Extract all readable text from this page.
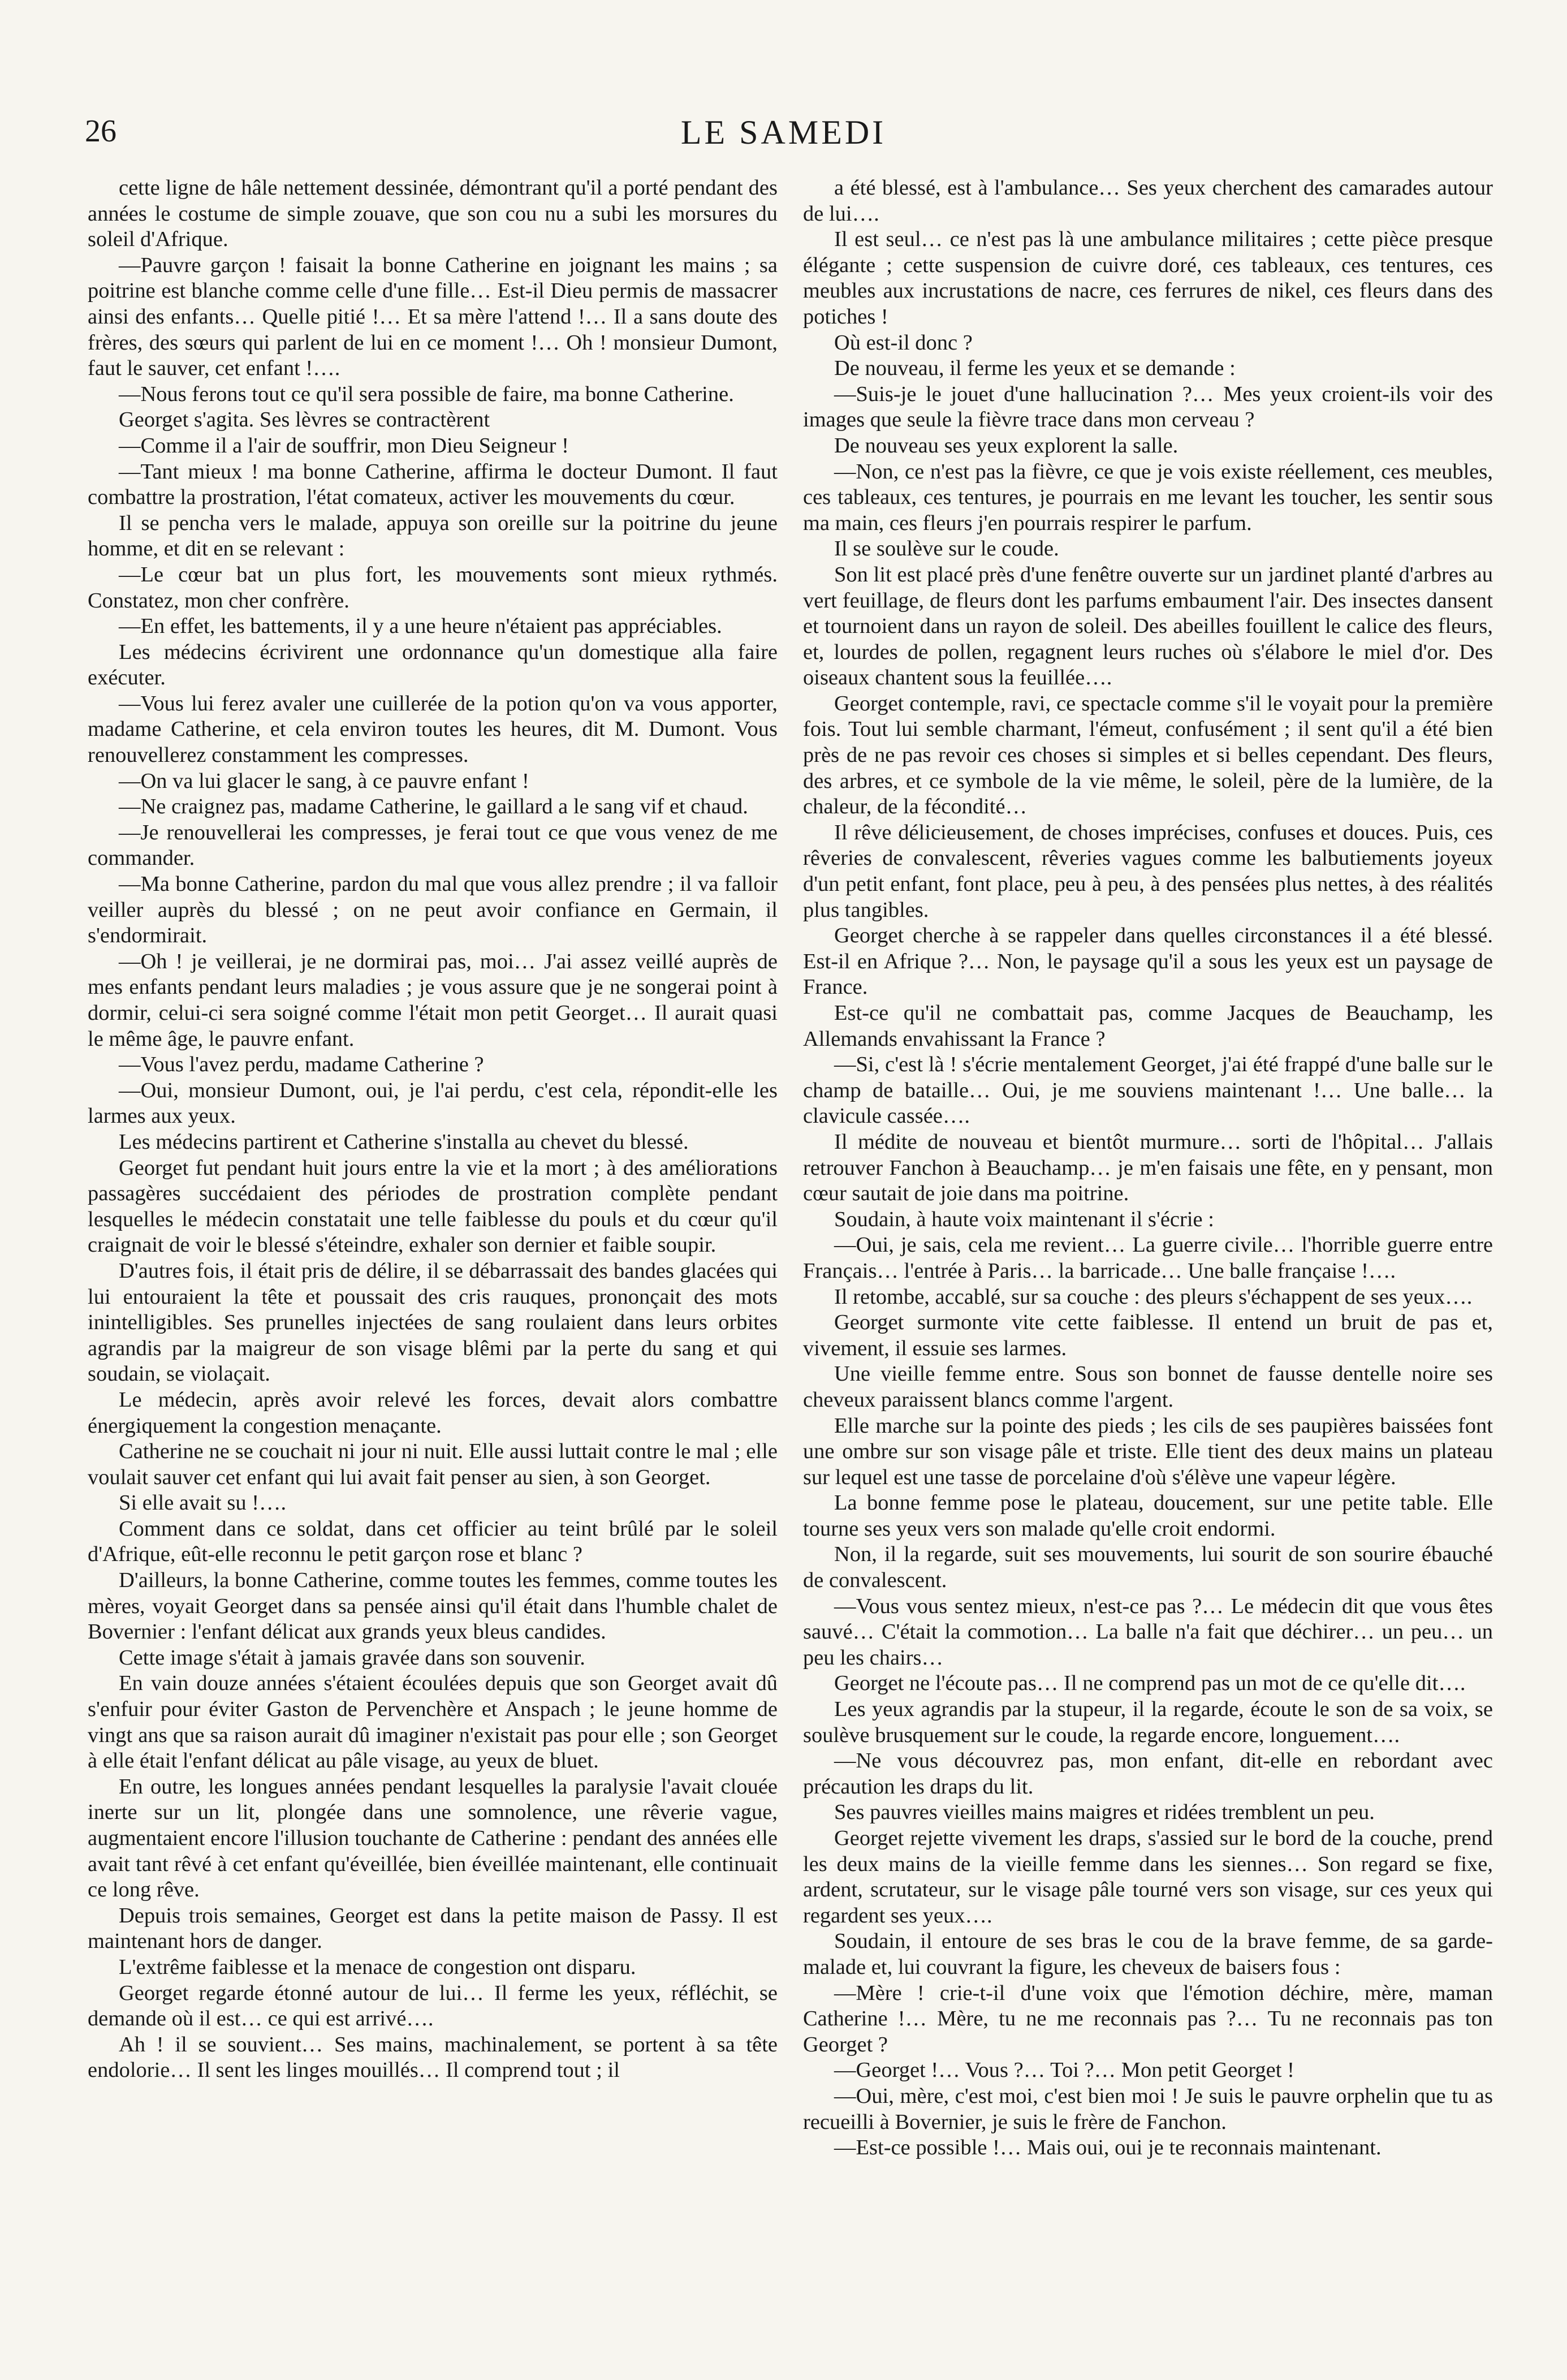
26	LE SAMEDI

cette ligne de hâle nettement dessinée, démontrant qu'il a porté pendant des années le costume de simple zouave, que son cou nu a subi les morsures du soleil d'Afrique.

—Pauvre garçon ! faisait la bonne Catherine en joignant les mains ; sa poitrine est blanche comme celle d'une fille… Est-il Dieu permis de massacrer ainsi des enfants… Quelle pitié !… Et sa mère l'attend !… Il a sans doute des frères, des sœurs qui parlent de lui en ce moment !… Oh ! monsieur Dumont, faut le sauver, cet enfant !….

—Nous ferons tout ce qu'il sera possible de faire, ma bonne Catherine.

Georget s'agita. Ses lèvres se contractèrent

—Comme il a l'air de souffrir, mon Dieu Seigneur !

—Tant mieux ! ma bonne Catherine, affirma le docteur Dumont. Il faut combattre la prostration, l'état comateux, activer les mouvements du cœur.

Il se pencha vers le malade, appuya son oreille sur la poitrine du jeune homme, et dit en se relevant :

—Le cœur bat un plus fort, les mouvements sont mieux rythmés. Constatez, mon cher confrère.

—En effet, les battements, il y a une heure n'étaient pas appréciables.

Les médecins écrivirent une ordonnance qu'un domestique alla faire exécuter.

—Vous lui ferez avaler une cuillerée de la potion qu'on va vous apporter, madame Catherine, et cela environ toutes les heures, dit M. Dumont. Vous renouvellerez constamment les compresses.

—On va lui glacer le sang, à ce pauvre enfant !

—Ne craignez pas, madame Catherine, le gaillard a le sang vif et chaud.

—Je renouvellerai les compresses, je ferai tout ce que vous venez de me commander.

—Ma bonne Catherine, pardon du mal que vous allez prendre ; il va falloir veiller auprès du blessé ; on ne peut avoir confiance en Germain, il s'endormirait.

—Oh ! je veillerai, je ne dormirai pas, moi… J'ai assez veillé auprès de mes enfants pendant leurs maladies ; je vous assure que je ne songerai point à dormir, celui-ci sera soigné comme l'était mon petit Georget… Il aurait quasi le même âge, le pauvre enfant.

—Vous l'avez perdu, madame Catherine ?

—Oui, monsieur Dumont, oui, je l'ai perdu, c'est cela, répondit-elle les larmes aux yeux.

Les médecins partirent et Catherine s'installa au chevet du blessé.

Georget fut pendant huit jours entre la vie et la mort ; à des améliorations passagères succédaient des périodes de prostration complète pendant lesquelles le médecin constatait une telle faiblesse du pouls et du cœur qu'il craignait de voir le blessé s'éteindre, exhaler son dernier et faible soupir.

D'autres fois, il était pris de délire, il se débarrassait des bandes glacées qui lui entouraient la tête et poussait des cris rauques, prononçait des mots inintelligibles. Ses prunelles injectées de sang roulaient dans leurs orbites agrandis par la maigreur de son visage blêmi par la perte du sang et qui soudain, se violaçait.

Le médecin, après avoir relevé les forces, devait alors combattre énergiquement la congestion menaçante.

Catherine ne se couchait ni jour ni nuit. Elle aussi luttait contre le mal ; elle voulait sauver cet enfant qui lui avait fait penser au sien, à son Georget.

Si elle avait su !….

Comment dans ce soldat, dans cet officier au teint brûlé par le soleil d'Afrique, eût-elle reconnu le petit garçon rose et blanc ?

D'ailleurs, la bonne Catherine, comme toutes les femmes, comme toutes les mères, voyait Georget dans sa pensée ainsi qu'il était dans l'humble chalet de Bovernier : l'enfant délicat aux grands yeux bleus candides.

Cette image s'était à jamais gravée dans son souvenir.

En vain douze années s'étaient écoulées depuis que son Georget avait dû s'enfuir pour éviter Gaston de Pervenchère et Anspach ; le jeune homme de vingt ans que sa raison aurait dû imaginer n'existait pas pour elle ; son Georget à elle était l'enfant délicat au pâle visage, au yeux de bluet.

En outre, les longues années pendant lesquelles la paralysie l'avait clouée inerte sur un lit, plongée dans une somnolence, une rêverie vague, augmentaient encore l'illusion touchante de Catherine : pendant des années elle avait tant rêvé à cet enfant qu'éveillée, bien éveillée maintenant, elle continuait ce long rêve.

Depuis trois semaines, Georget est dans la petite maison de Passy. Il est maintenant hors de danger.

L'extrême faiblesse et la menace de congestion ont disparu.

Georget regarde étonné autour de lui… Il ferme les yeux, réfléchit, se demande où il est… ce qui est arrivé….

Ah ! il se souvient… Ses mains, machinalement, se portent à sa tête endolorie… Il sent les linges mouillés… Il comprend tout ; il

a été blessé, est à l'ambulance… Ses yeux cherchent des camarades autour de lui….

Il est seul… ce n'est pas là une ambulance militaires ; cette pièce presque élégante ; cette suspension de cuivre doré, ces tableaux, ces tentures, ces meubles aux incrustations de nacre, ces ferrures de nikel, ces fleurs dans des potiches !

Où est-il donc ?

De nouveau, il ferme les yeux et se demande :

—Suis-je le jouet d'une hallucination ?… Mes yeux croient-ils voir des images que seule la fièvre trace dans mon cerveau ?

De nouveau ses yeux explorent la salle.

—Non, ce n'est pas la fièvre, ce que je vois existe réellement, ces meubles, ces tableaux, ces tentures, je pourrais en me levant les toucher, les sentir sous ma main, ces fleurs j'en pourrais respirer le parfum.

Il se soulève sur le coude.

Son lit est placé près d'une fenêtre ouverte sur un jardinet planté d'arbres au vert feuillage, de fleurs dont les parfums embaument l'air. Des insectes dansent et tournoient dans un rayon de soleil. Des abeilles fouillent le calice des fleurs, et, lourdes de pollen, regagnent leurs ruches où s'élabore le miel d'or. Des oiseaux chantent sous la feuillée….

Georget contemple, ravi, ce spectacle comme s'il le voyait pour la première fois. Tout lui semble charmant, l'émeut, confusément ; il sent qu'il a été bien près de ne pas revoir ces choses si simples et si belles cependant. Des fleurs, des arbres, et ce symbole de la vie même, le soleil, père de la lumière, de la chaleur, de la fécondité…

Il rêve délicieusement, de choses imprécises, confuses et douces. Puis, ces rêveries de convalescent, rêveries vagues comme les balbutiements joyeux d'un petit enfant, font place, peu à peu, à des pensées plus nettes, à des réalités plus tangibles.

Georget cherche à se rappeler dans quelles circonstances il a été blessé. Est-il en Afrique ?… Non, le paysage qu'il a sous les yeux est un paysage de France.

Est-ce qu'il ne combattait pas, comme Jacques de Beauchamp, les Allemands envahissant la France ?

—Si, c'est là ! s'écrie mentalement Georget, j'ai été frappé d'une balle sur le champ de bataille… Oui, je me souviens maintenant !… Une balle… la clavicule cassée….

Il médite de nouveau et bientôt murmure… sorti de l'hôpital… J'allais retrouver Fanchon à Beauchamp… je m'en faisais une fête, en y pensant, mon cœur sautait de joie dans ma poitrine.

Soudain, à haute voix maintenant il s'écrie :

—Oui, je sais, cela me revient… La guerre civile… l'horrible guerre entre Français… l'entrée à Paris… la barricade… Une balle française !….

Il retombe, accablé, sur sa couche : des pleurs s'échappent de ses yeux….

Georget surmonte vite cette faiblesse. Il entend un bruit de pas et, vivement, il essuie ses larmes.

Une vieille femme entre. Sous son bonnet de fausse dentelle noire ses cheveux paraissent blancs comme l'argent.

Elle marche sur la pointe des pieds ; les cils de ses paupières baissées font une ombre sur son visage pâle et triste. Elle tient des deux mains un plateau sur lequel est une tasse de porcelaine d'où s'élève une vapeur légère.

La bonne femme pose le plateau, doucement, sur une petite table. Elle tourne ses yeux vers son malade qu'elle croit endormi.

Non, il la regarde, suit ses mouvements, lui sourit de son sourire ébauché de convalescent.

—Vous vous sentez mieux, n'est-ce pas ?… Le médecin dit que vous êtes sauvé… C'était la commotion… La balle n'a fait que déchirer… un peu… un peu les chairs…

Georget ne l'écoute pas… Il ne comprend pas un mot de ce qu'elle dit….

Les yeux agrandis par la stupeur, il la regarde, écoute le son de sa voix, se soulève brusquement sur le coude, la regarde encore, longuement….

—Ne vous découvrez pas, mon enfant, dit-elle en rebordant avec précaution les draps du lit.

Ses pauvres vieilles mains maigres et ridées tremblent un peu.

Georget rejette vivement les draps, s'assied sur le bord de la couche, prend les deux mains de la vieille femme dans les siennes… Son regard se fixe, ardent, scrutateur, sur le visage pâle tourné vers son visage, sur ces yeux qui regardent ses yeux….

Soudain, il entoure de ses bras le cou de la brave femme, de sa garde-malade et, lui couvrant la figure, les cheveux de baisers fous :

—Mère ! crie-t-il d'une voix que l'émotion déchire, mère, maman Catherine !… Mère, tu ne me reconnais pas ?… Tu ne reconnais pas ton Georget ?

—Georget !… Vous ?… Toi ?… Mon petit Georget !

—Oui, mère, c'est moi, c'est bien moi ! Je suis le pauvre orphelin que tu as recueilli à Bovernier, je suis le frère de Fanchon.

—Est-ce possible !… Mais oui, oui je te reconnais maintenant.
